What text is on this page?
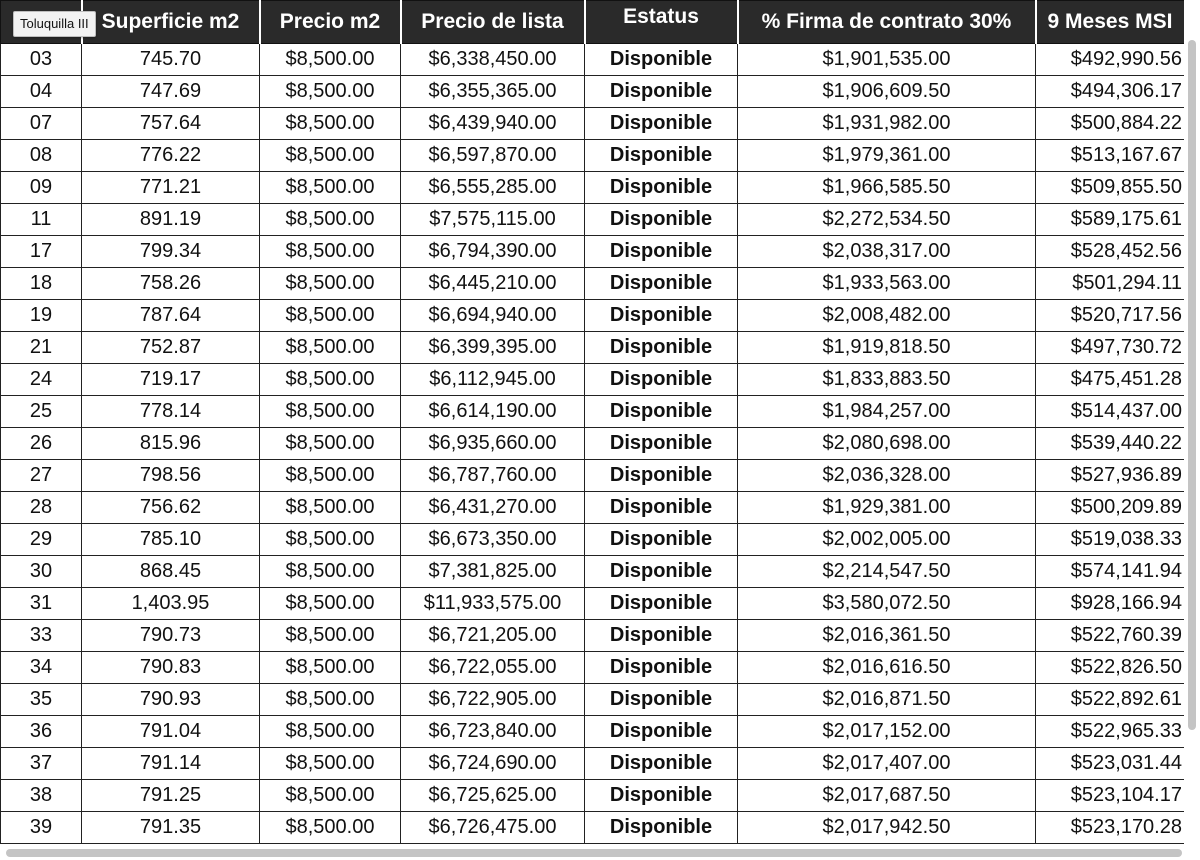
	Superficie m2	Precio m2	Precio de lista	Estatus	% Firma de contrato 30%	9 Meses MSI
03	745.70	$8,500.00	$6,338,450.00	Disponible	$1,901,535.00	$492,990.56
04	747.69	$8,500.00	$6,355,365.00	Disponible	$1,906,609.50	$494,306.17
07	757.64	$8,500.00	$6,439,940.00	Disponible	$1,931,982.00	$500,884.22
08	776.22	$8,500.00	$6,597,870.00	Disponible	$1,979,361.00	$513,167.67
09	771.21	$8,500.00	$6,555,285.00	Disponible	$1,966,585.50	$509,855.50
11	891.19	$8,500.00	$7,575,115.00	Disponible	$2,272,534.50	$589,175.61
17	799.34	$8,500.00	$6,794,390.00	Disponible	$2,038,317.00	$528,452.56
18	758.26	$8,500.00	$6,445,210.00	Disponible	$1,933,563.00	$501,294.11
19	787.64	$8,500.00	$6,694,940.00	Disponible	$2,008,482.00	$520,717.56
21	752.87	$8,500.00	$6,399,395.00	Disponible	$1,919,818.50	$497,730.72
24	719.17	$8,500.00	$6,112,945.00	Disponible	$1,833,883.50	$475,451.28
25	778.14	$8,500.00	$6,614,190.00	Disponible	$1,984,257.00	$514,437.00
26	815.96	$8,500.00	$6,935,660.00	Disponible	$2,080,698.00	$539,440.22
27	798.56	$8,500.00	$6,787,760.00	Disponible	$2,036,328.00	$527,936.89
28	756.62	$8,500.00	$6,431,270.00	Disponible	$1,929,381.00	$500,209.89
29	785.10	$8,500.00	$6,673,350.00	Disponible	$2,002,005.00	$519,038.33
30	868.45	$8,500.00	$7,381,825.00	Disponible	$2,214,547.50	$574,141.94
31	1,403.95	$8,500.00	$11,933,575.00	Disponible	$3,580,072.50	$928,166.94
33	790.73	$8,500.00	$6,721,205.00	Disponible	$2,016,361.50	$522,760.39
34	790.83	$8,500.00	$6,722,055.00	Disponible	$2,016,616.50	$522,826.50
35	790.93	$8,500.00	$6,722,905.00	Disponible	$2,016,871.50	$522,892.61
36	791.04	$8,500.00	$6,723,840.00	Disponible	$2,017,152.00	$522,965.33
37	791.14	$8,500.00	$6,724,690.00	Disponible	$2,017,407.00	$523,031.44
38	791.25	$8,500.00	$6,725,625.00	Disponible	$2,017,687.50	$523,104.17
39	791.35	$8,500.00	$6,726,475.00	Disponible	$2,017,942.50	$523,170.28
Toluquilla III
